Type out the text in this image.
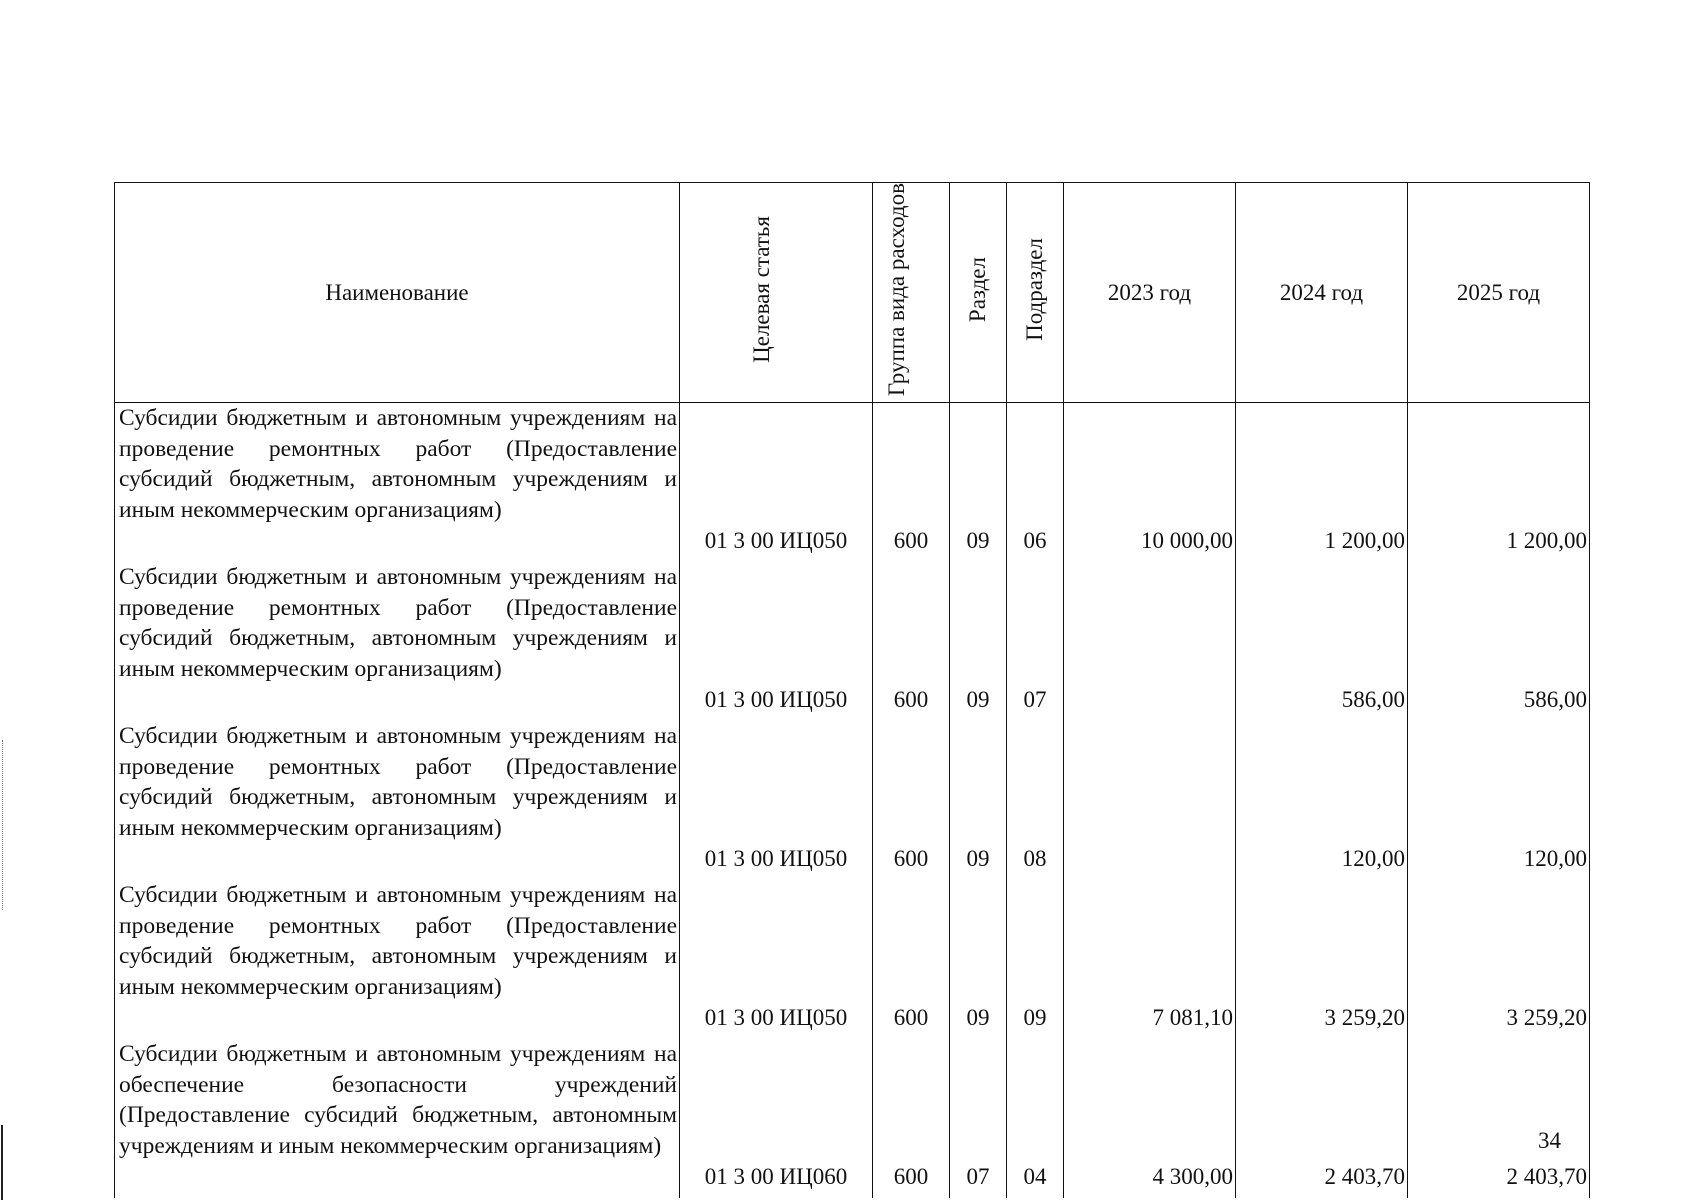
Наименование	Целевая статья	Группа вида расходов	Раздел	Подраздел	2023 год	2024 год	2025 год
Субсидии бюджетным и автономным учреждениям на проведение ремонтных работ (Предоставление субсидий бюджетным, автономным учреждениям и иным некоммерческим организациям)	01 3 00 ИЦ050	600	09	06	10 000,00	1 200,00	1 200,00
Субсидии бюджетным и автономным учреждениям на проведение ремонтных работ (Предоставление субсидий бюджетным, автономным учреждениям и иным некоммерческим организациям)	01 3 00 ИЦ050	600	09	07		586,00	586,00
Субсидии бюджетным и автономным учреждениям на проведение ремонтных работ (Предоставление субсидий бюджетным, автономным учреждениям и иным некоммерческим организациям)	01 3 00 ИЦ050	600	09	08		120,00	120,00
Субсидии бюджетным и автономным учреждениям на проведение ремонтных работ (Предоставление субсидий бюджетным, автономным учреждениям и иным некоммерческим организациям)	01 3 00 ИЦ050	600	09	09	7 081,10	3 259,20	3 259,20
Субсидии бюджетным и автономным учреждениям на обеспечение безопасности учреждений (Предоставление субсидий бюджетным, автономным учреждениям и иным некоммерческим организациям)	01 3 00 ИЦ060	600	07	04	4 300,00	2 403,70	2 403,70
34
